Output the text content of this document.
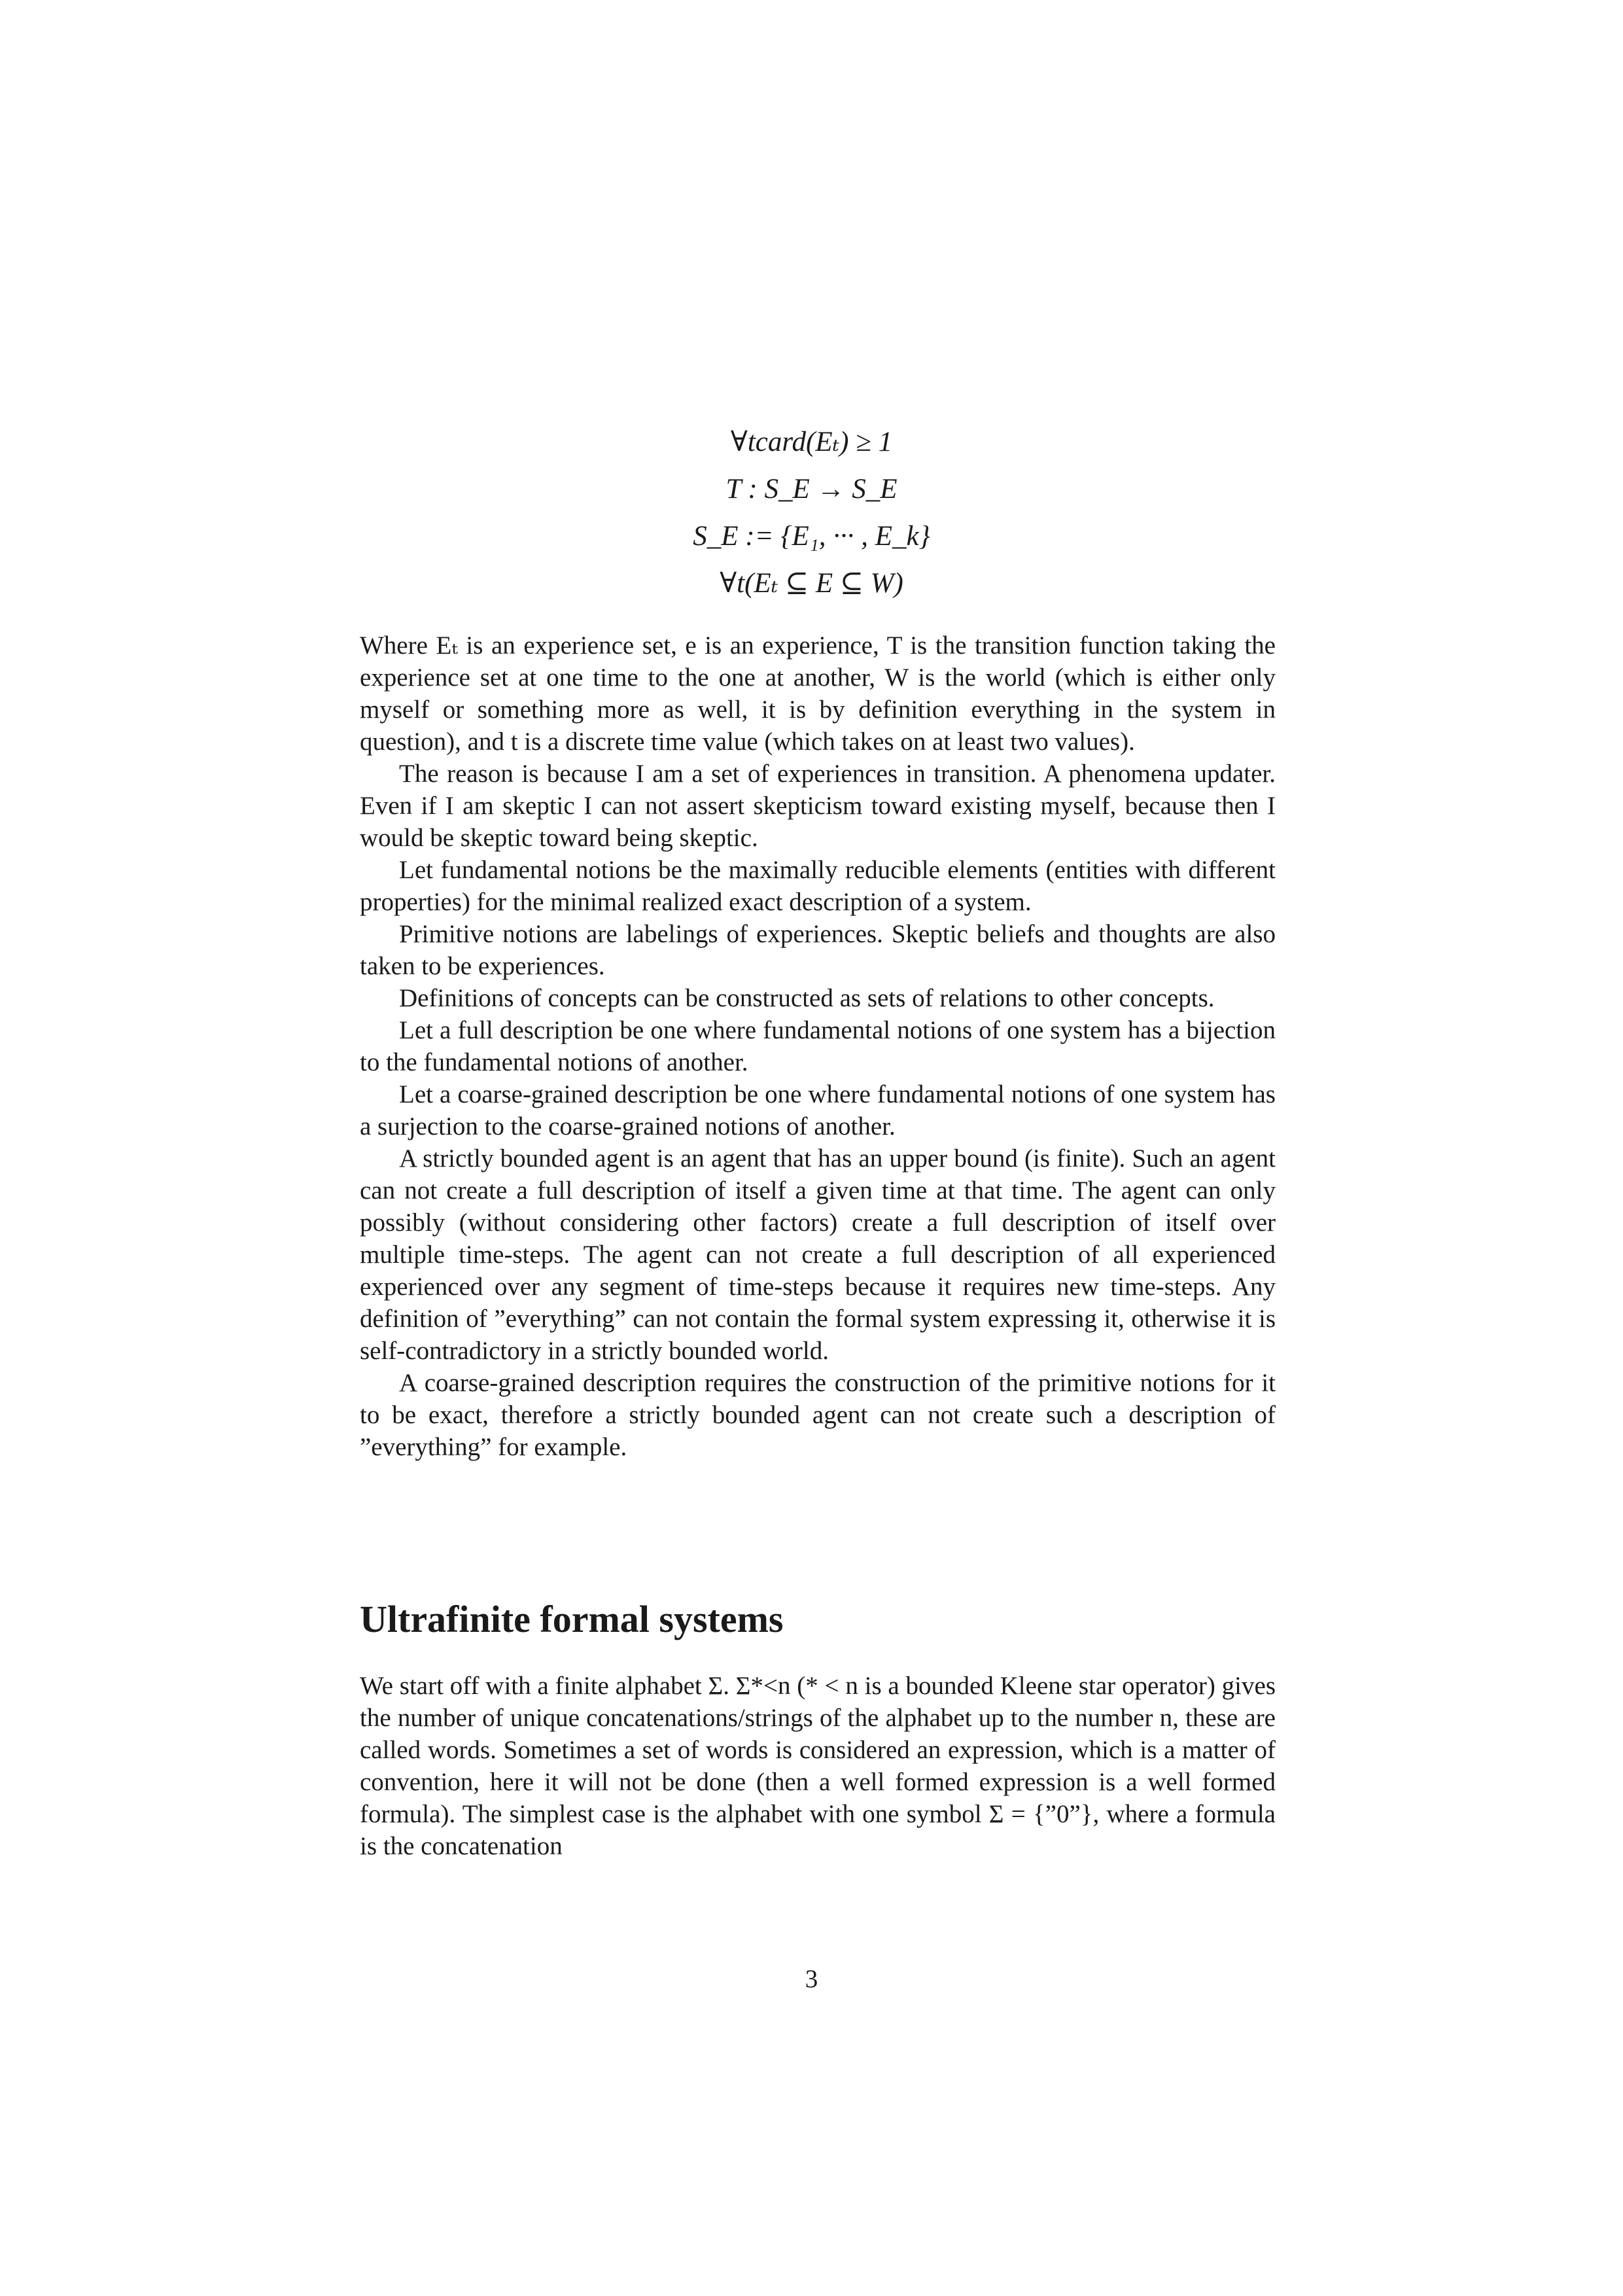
∀tcard(Eₜ) ≥ 1
T : S_E → S_E
S_E := {E₁, ··· , E_k}
∀t(Eₜ ⊆ E ⊆ W)

Where Eₜ is an experience set, e is an experience, T is the transition function taking the experience set at one time to the one at another, W is the world (which is either only myself or something more as well, it is by definition everything in the system in question), and t is a discrete time value (which takes on at least two values).

The reason is because I am a set of experiences in transition. A phenomena updater. Even if I am skeptic I can not assert skepticism toward existing myself, because then I would be skeptic toward being skeptic.

Let fundamental notions be the maximally reducible elements (entities with different properties) for the minimal realized exact description of a system.

Primitive notions are labelings of experiences. Skeptic beliefs and thoughts are also taken to be experiences.

Definitions of concepts can be constructed as sets of relations to other concepts.

Let a full description be one where fundamental notions of one system has a bijection to the fundamental notions of another.

Let a coarse-grained description be one where fundamental notions of one system has a surjection to the coarse-grained notions of another.

A strictly bounded agent is an agent that has an upper bound (is finite). Such an agent can not create a full description of itself a given time at that time. The agent can only possibly (without considering other factors) create a full description of itself over multiple time-steps. The agent can not create a full description of all experienced experienced over any segment of time-steps because it requires new time-steps. Any definition of ”everything” can not contain the formal system expressing it, otherwise it is self-contradictory in a strictly bounded world.

A coarse-grained description requires the construction of the primitive notions for it to be exact, therefore a strictly bounded agent can not create such a description of ”everything” for example.

Ultrafinite formal systems

We start off with a finite alphabet Σ. Σ*<n (* < n is a bounded Kleene star operator) gives the number of unique concatenations/strings of the alphabet up to the number n, these are called words. Sometimes a set of words is considered an expression, which is a matter of convention, here it will not be done (then a well formed expression is a well formed formula). The simplest case is the alphabet with one symbol Σ = {”0”}, where a formula is the concatenation

3
